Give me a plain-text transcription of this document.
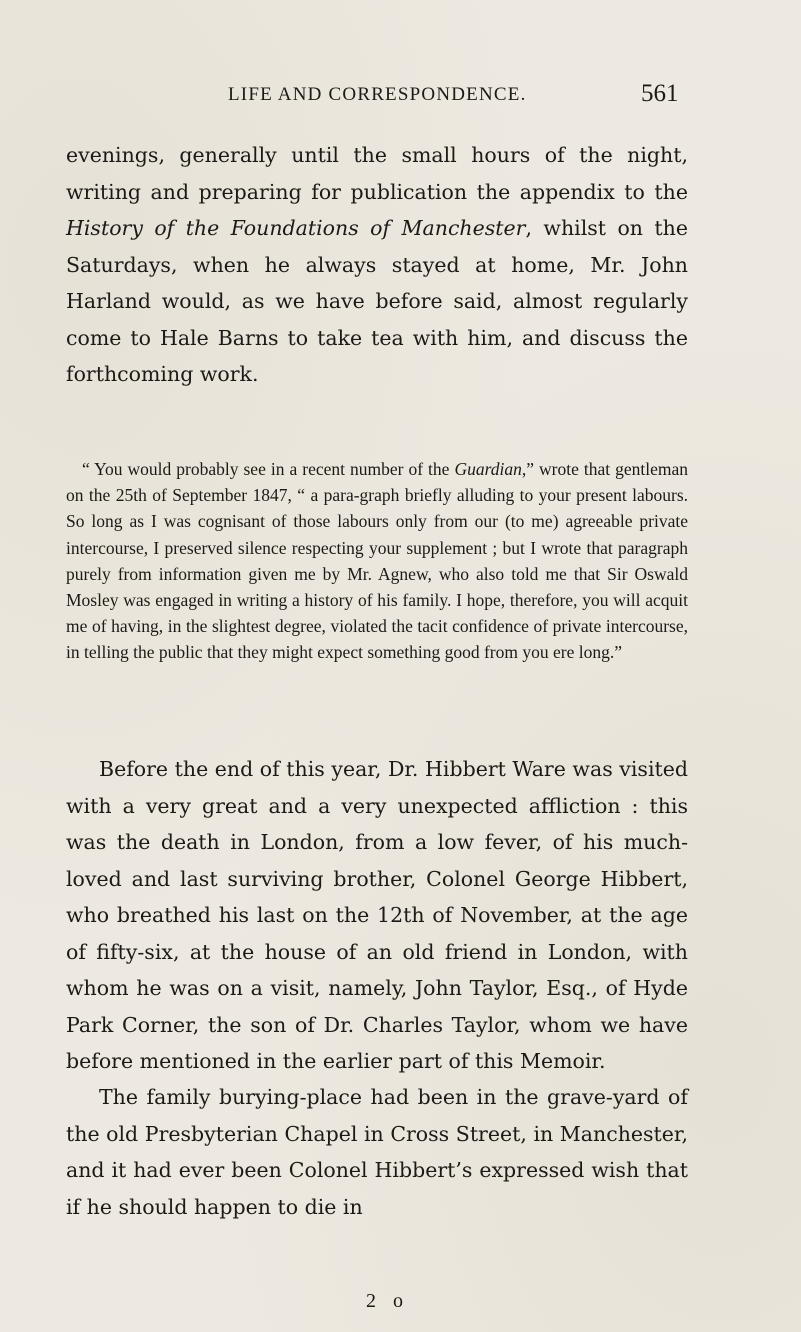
LIFE AND CORRESPONDENCE.	561

evenings, generally until the small hours of the night, writing and preparing for publication the appendix to the History of the Foundations of Manchester, whilst on the Saturdays, when he always stayed at home, Mr. John Harland would, as we have before said, almost regularly come to Hale Barns to take tea with him, and discuss the forthcoming work.

“ You would probably see in a recent number of the Guardian,” wrote that gentleman on the 25th of September 1847, “ a para-graph briefly alluding to your present labours. So long as I was cognisant of those labours only from our (to me) agreeable private intercourse, I preserved silence respecting your supplement ; but I wrote that paragraph purely from information given me by Mr. Agnew, who also told me that Sir Oswald Mosley was engaged in writing a history of his family. I hope, therefore, you will acquit me of having, in the slightest degree, violated the tacit confidence of private intercourse, in telling the public that they might expect something good from you ere long.”

Before the end of this year, Dr. Hibbert Ware was visited with a very great and a very unexpected affliction : this was the death in London, from a low fever, of his much-loved and last surviving brother, Colonel George Hibbert, who breathed his last on the 12th of November, at the age of fifty-six, at the house of an old friend in London, with whom he was on a visit, namely, John Taylor, Esq., of Hyde Park Corner, the son of Dr. Charles Taylor, whom we have before mentioned in the earlier part of this Memoir.

The family burying-place had been in the grave-yard of the old Presbyterian Chapel in Cross Street, in Manchester, and it had ever been Colonel Hibbert’s expressed wish that if he should happen to die in

2 o
